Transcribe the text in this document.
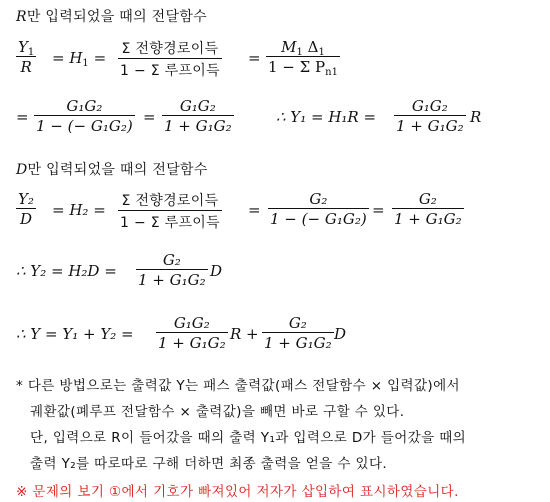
R만 입력되었을 때의 전달함수
$\frac{Y_1}{R} = H_1 = \Sigma$ 전향경로이득
1 − Σ 루프이득
= $\frac{M_1 \Delta_1}{1 - \Sigma P_{n1}}$
= $\frac{\text{G₁G₂}}{\text{1 − (− G₁G₂)}} = \frac{\text{G₁G₂}}{\text{1 + G₁G₂}}$	∴ $Y_1 = H_1R = \frac{\text{G₁G₂}}{\text{1 + G₁G₂}}$ R
D만 입력되었을 때의 전달함수
$\frac{\text{Y₂}}{D} = H_2 = \Sigma$ 전향경로이득
1 − Σ 루프이득
= $\frac{\text{G₂}}{\text{1 − (− G₁G₂)}} = \frac{\text{G₂}}{\text{1 + G₁G₂}}$
∴ $Y_2 = H_2D = \frac{\text{G₂}}{\text{1 + G₁G₂}}$ D
∴ $Y = Y_1 + Y_2 = \frac{\text{G₁G₂}}{\text{1 + G₁G₂}}$ $R + \frac{\text{G₂}}{\text{1 + G₁G₂}}$ D
* 다른 방법으로는 출력값 Y는 패스 출력값(패스 전달함수 × 입력값)에서
궤환값(폐루프 전달함수 × 출력값)을 빼면 바로 구할 수 있다.
단, 입력으로 R이 들어갔을 때의 출력 Y₁과 입력으로 D가 들어갔을 때의
출력 Y₂를 따로따로 구해 더하면 최종 출력을 얻을 수 있다.
※ 문제의 보기 ①에서 기호가 빠져있어 저자가 삽입하여 표시하였습니다.
